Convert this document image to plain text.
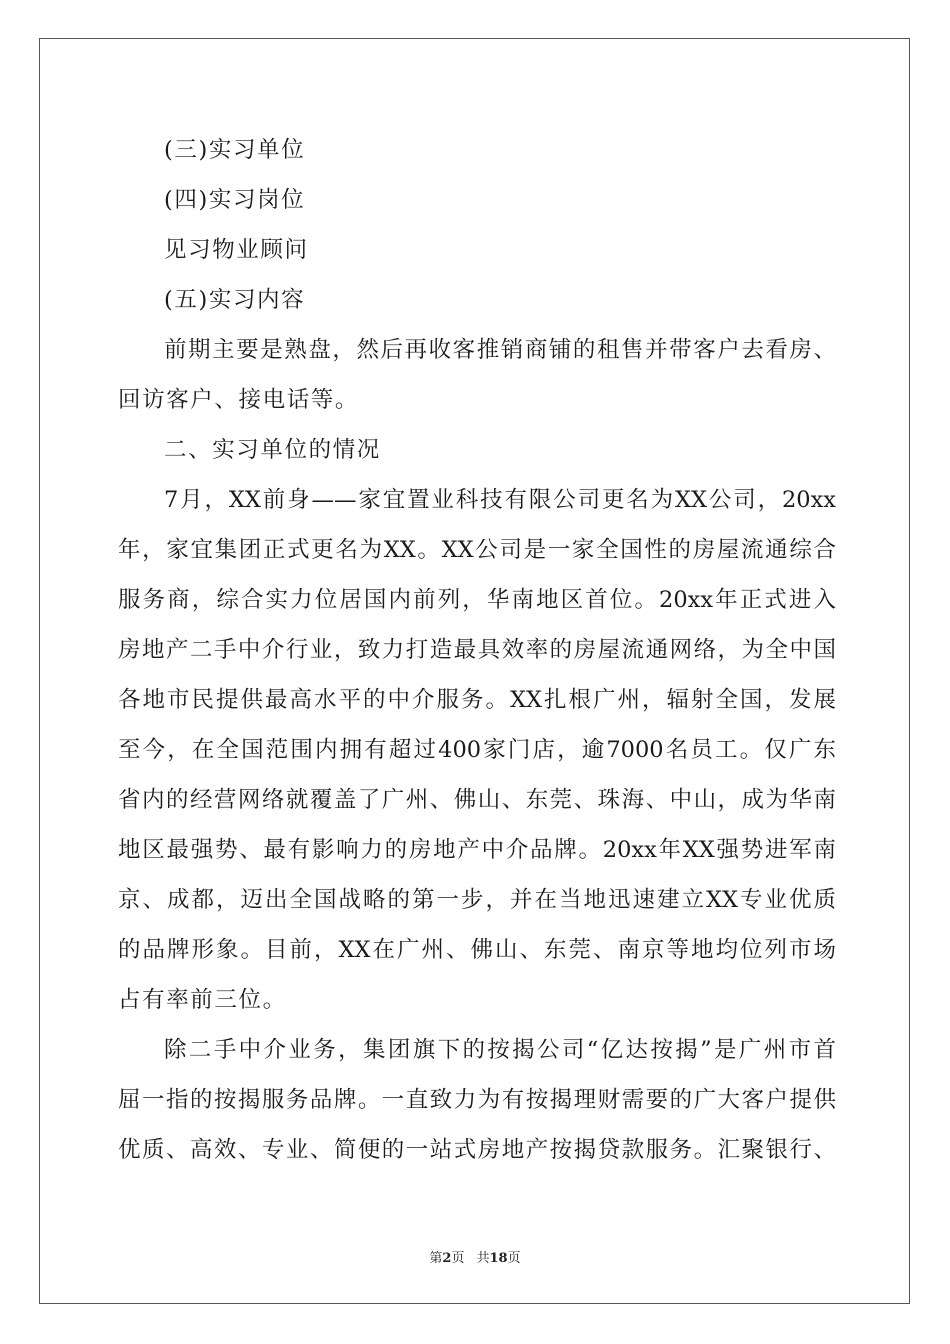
(三)实习单位
(四)实习岗位
见习物业顾问
(五)实习内容
前期主要是熟盘，然后再收客推销商铺的租售并带客户去看房、
回访客户、接电话等。
二、实习单位的情况
7月，XX前身——家宜置业科技有限公司更名为XX公司，20xx
年，家宜集团正式更名为XX。XX公司是一家全国性的房屋流通综合
服务商，综合实力位居国内前列，华南地区首位。20xx年正式进入
房地产二手中介行业，致力打造最具效率的房屋流通网络，为全中国
各地市民提供最高水平的中介服务。XX扎根广州，辐射全国，发展
至今，在全国范围内拥有超过400家门店，逾7000名员工。仅广东
省内的经营网络就覆盖了广州、佛山、东莞、珠海、中山，成为华南
地区最强势、最有影响力的房地产中介品牌。20xx年XX强势进军南
京、成都，迈出全国战略的第一步，并在当地迅速建立XX专业优质
的品牌形象。目前，XX在广州、佛山、东莞、南京等地均位列市场
占有率前三位。
除二手中介业务，集团旗下的按揭公司“亿达按揭”是广州市首
屈一指的按揭服务品牌。一直致力为有按揭理财需要的广大客户提供
优质、高效、专业、简便的一站式房地产按揭贷款服务。汇聚银行、
第2页 共18页
